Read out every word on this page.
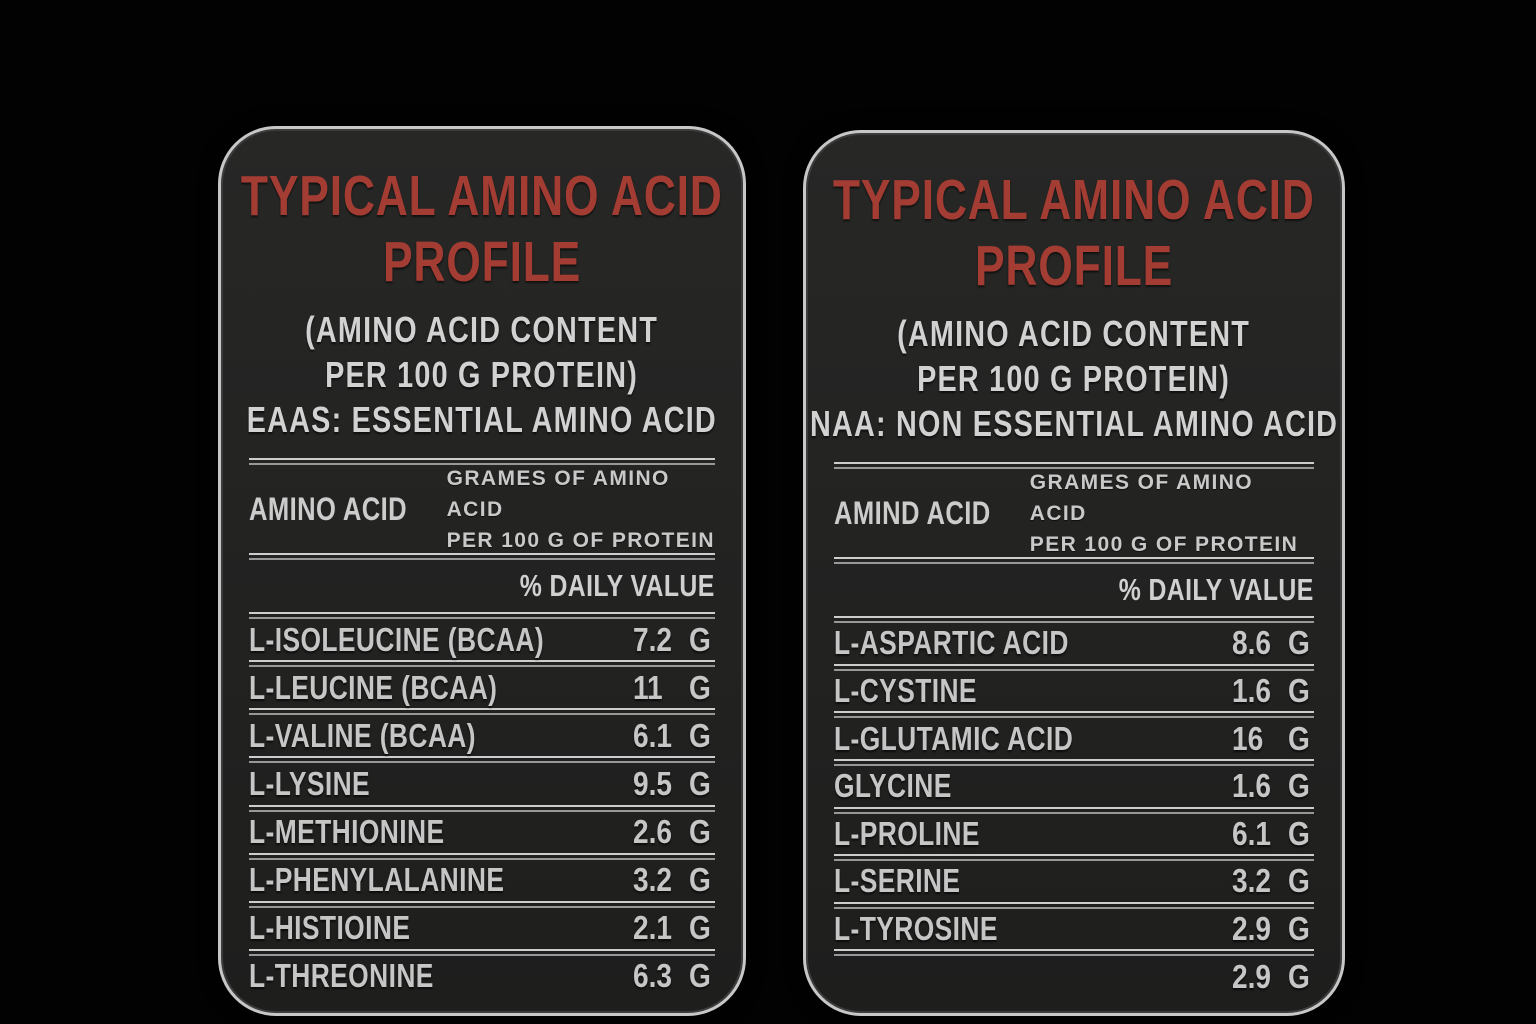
TYPICAL AMINO ACID
PROFILE
(AMINO ACID CONTENT
PER 100 G PROTEIN)
EAAS: ESSENTIAL AMINO ACID
AMINO ACID
GRAMES OF AMINO ACID
PER 100 G OF PROTEIN
% DAILY VALUE
L-ISOLEUCINE (BCAA)	7.2 G
L-LEUCINE (BCAA)	11 G
L-VALINE (BCAA)	6.1 G
L-LYSINE	9.5 G
L-METHIONINE	2.6 G
L-PHENYLALANINE	3.2 G
L-HISTIOINE	2.1 G
L-THREONINE	6.3 G
TYPICAL AMINO ACID
PROFILE
(AMINO ACID CONTENT
PER 100 G PROTEIN)
NAA: NON ESSENTIAL AMINO ACID
AMIND ACID
GRAMES OF AMINO ACID
PER 100 G OF PROTEIN
% DAILY VALUE
L-ASPARTIC ACID	8.6 G
L-CYSTINE	1.6 G
L-GLUTAMIC ACID	16 G
GLYCINE	1.6 G
L-PROLINE	6.1 G
L-SERINE	3.2 G
L-TYROSINE	2.9 G
2.9 G
